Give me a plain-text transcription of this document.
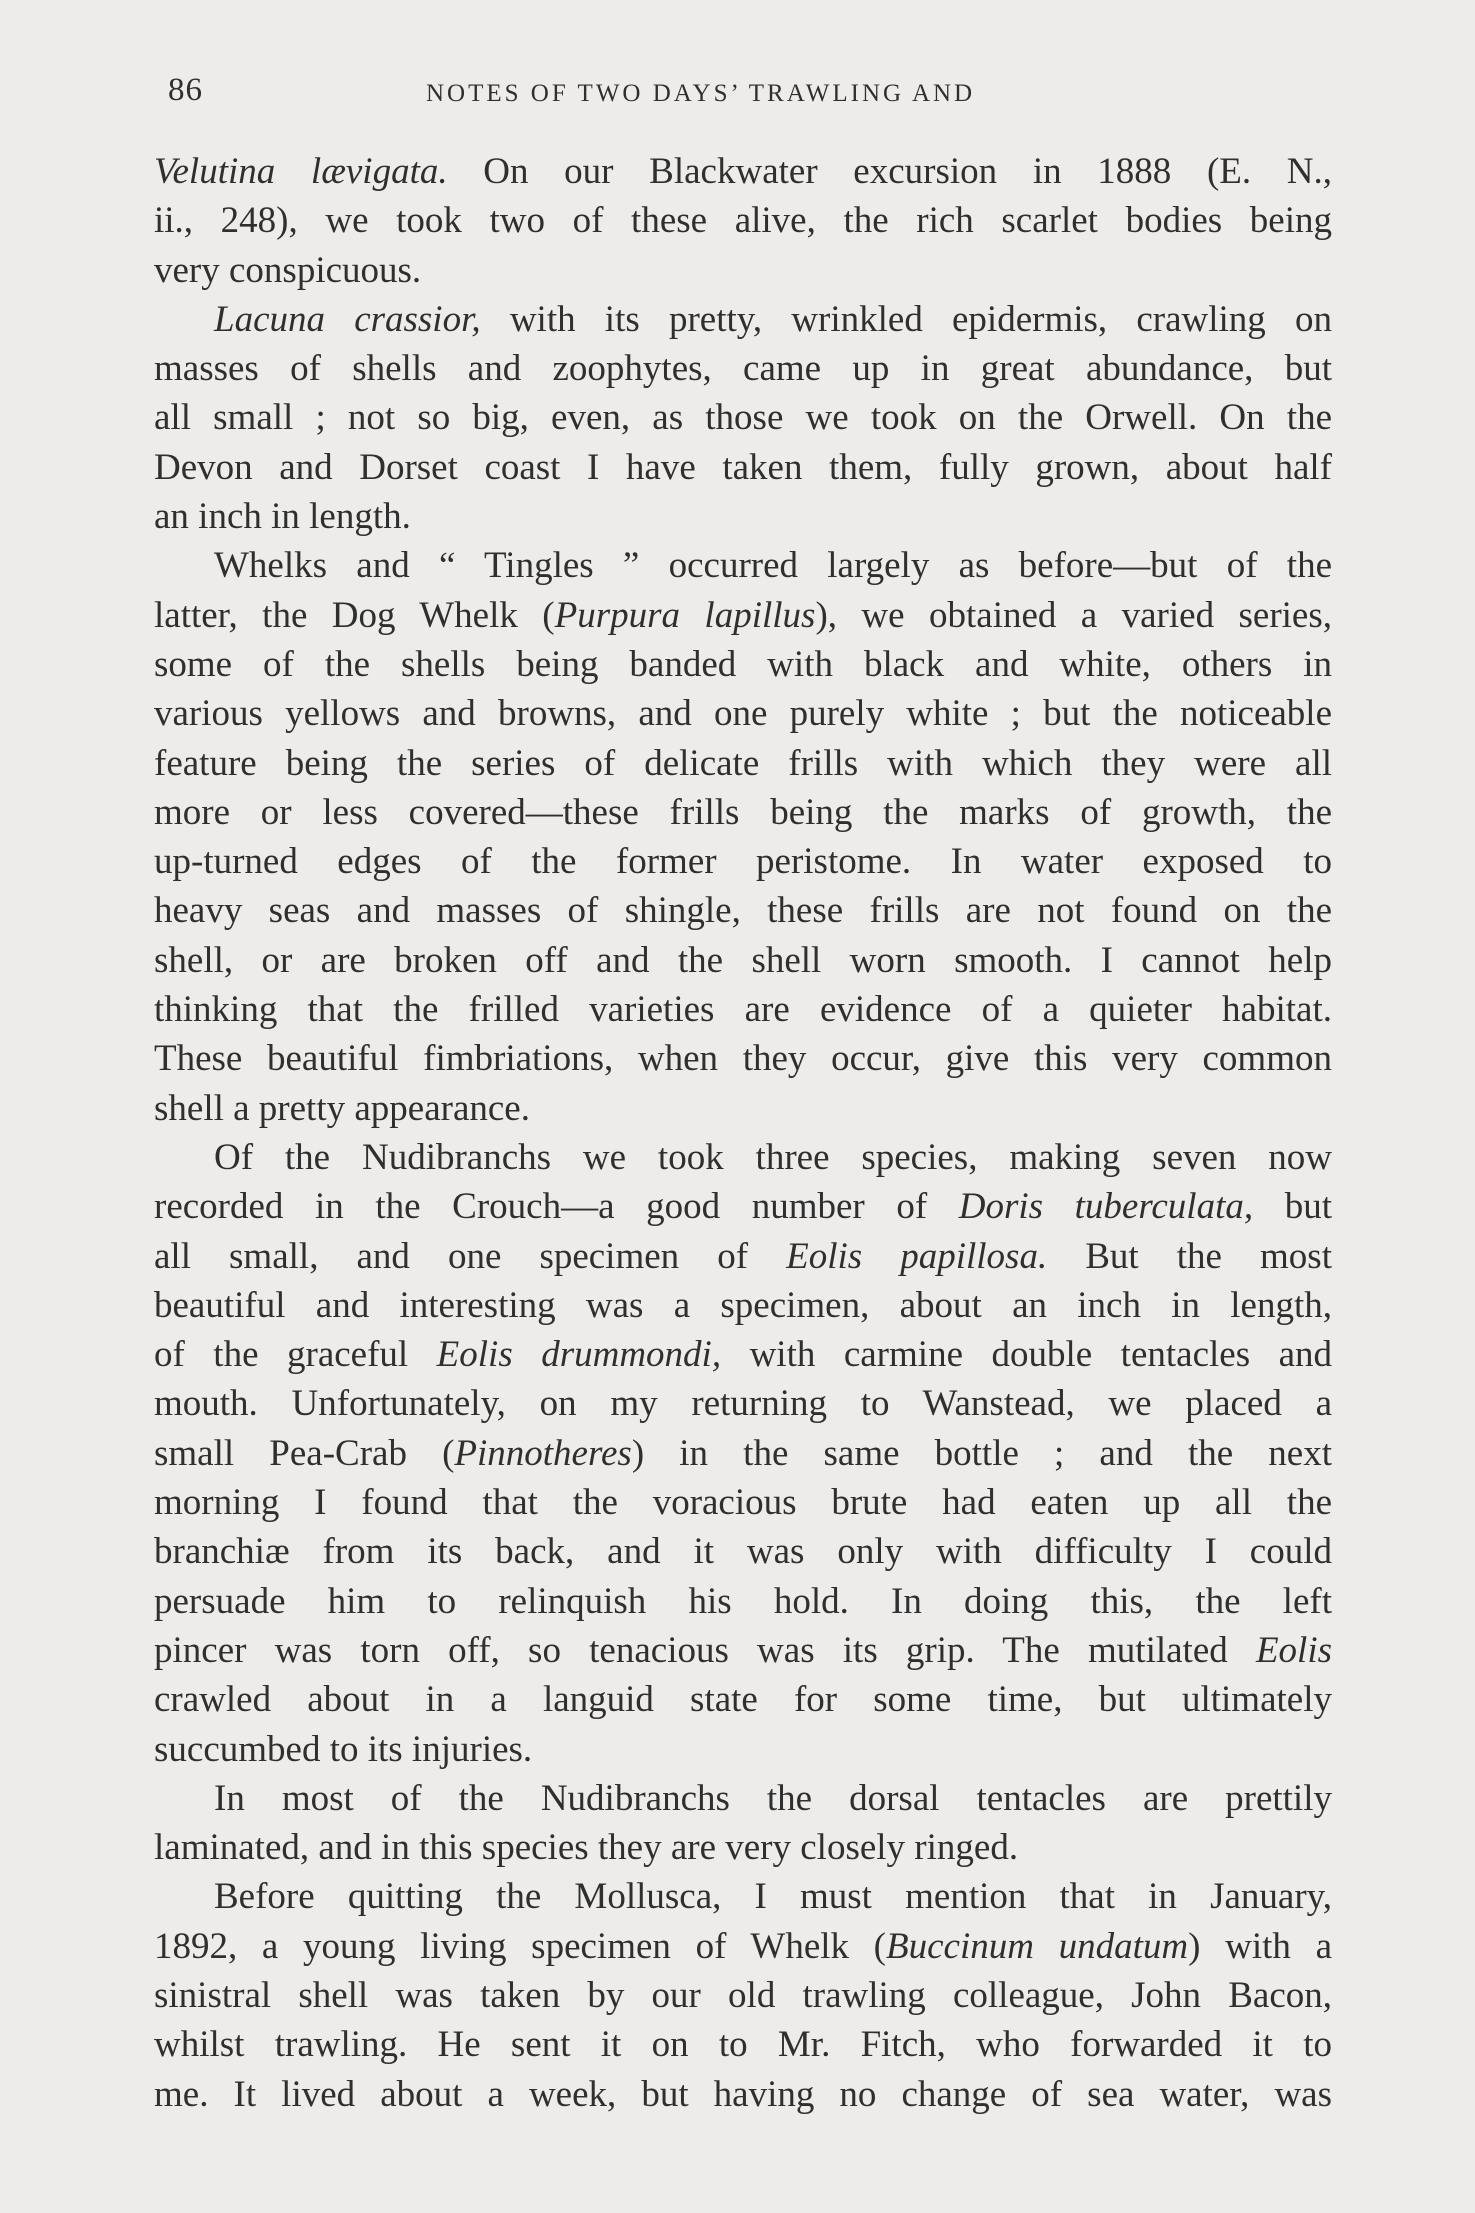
86	NOTES OF TWO DAYS’ TRAWLING AND
Velutina lævigata. On our Blackwater excursion in 1888 (E. N.,
ii., 248), we took two of these alive, the rich scarlet bodies being
very conspicuous.
Lacuna crassior, with its pretty, wrinkled epidermis, crawling on
masses of shells and zoophytes, came up in great abundance, but
all small ; not so big, even, as those we took on the Orwell. On the
Devon and Dorset coast I have taken them, fully grown, about half
an inch in length.
Whelks and “ Tingles ” occurred largely as before—but of the
latter, the Dog Whelk (Purpura lapillus), we obtained a varied series,
some of the shells being banded with black and white, others in
various yellows and browns, and one purely white ; but the noticeable
feature being the series of delicate frills with which they were all
more or less covered—these frills being the marks of growth, the
up-turned edges of the former peristome. In water exposed to
heavy seas and masses of shingle, these frills are not found on the
shell, or are broken off and the shell worn smooth. I cannot help
thinking that the frilled varieties are evidence of a quieter habitat.
These beautiful fimbriations, when they occur, give this very common
shell a pretty appearance.
Of the Nudibranchs we took three species, making seven now
recorded in the Crouch—a good number of Doris tuberculata, but
all small, and one specimen of Eolis papillosa. But the most
beautiful and interesting was a specimen, about an inch in length,
of the graceful Eolis drummondi, with carmine double tentacles and
mouth. Unfortunately, on my returning to Wanstead, we placed a
small Pea-Crab (Pinnotheres) in the same bottle ; and the next
morning I found that the voracious brute had eaten up all the
branchiæ from its back, and it was only with difficulty I could
persuade him to relinquish his hold. In doing this, the left
pincer was torn off, so tenacious was its grip. The mutilated Eolis
crawled about in a languid state for some time, but ultimately
succumbed to its injuries.
In most of the Nudibranchs the dorsal tentacles are prettily
laminated, and in this species they are very closely ringed.
Before quitting the Mollusca, I must mention that in January,
1892, a young living specimen of Whelk (Buccinum undatum) with a
sinistral shell was taken by our old trawling colleague, John Bacon,
whilst trawling. He sent it on to Mr. Fitch, who forwarded it to
me. It lived about a week, but having no change of sea water, was
